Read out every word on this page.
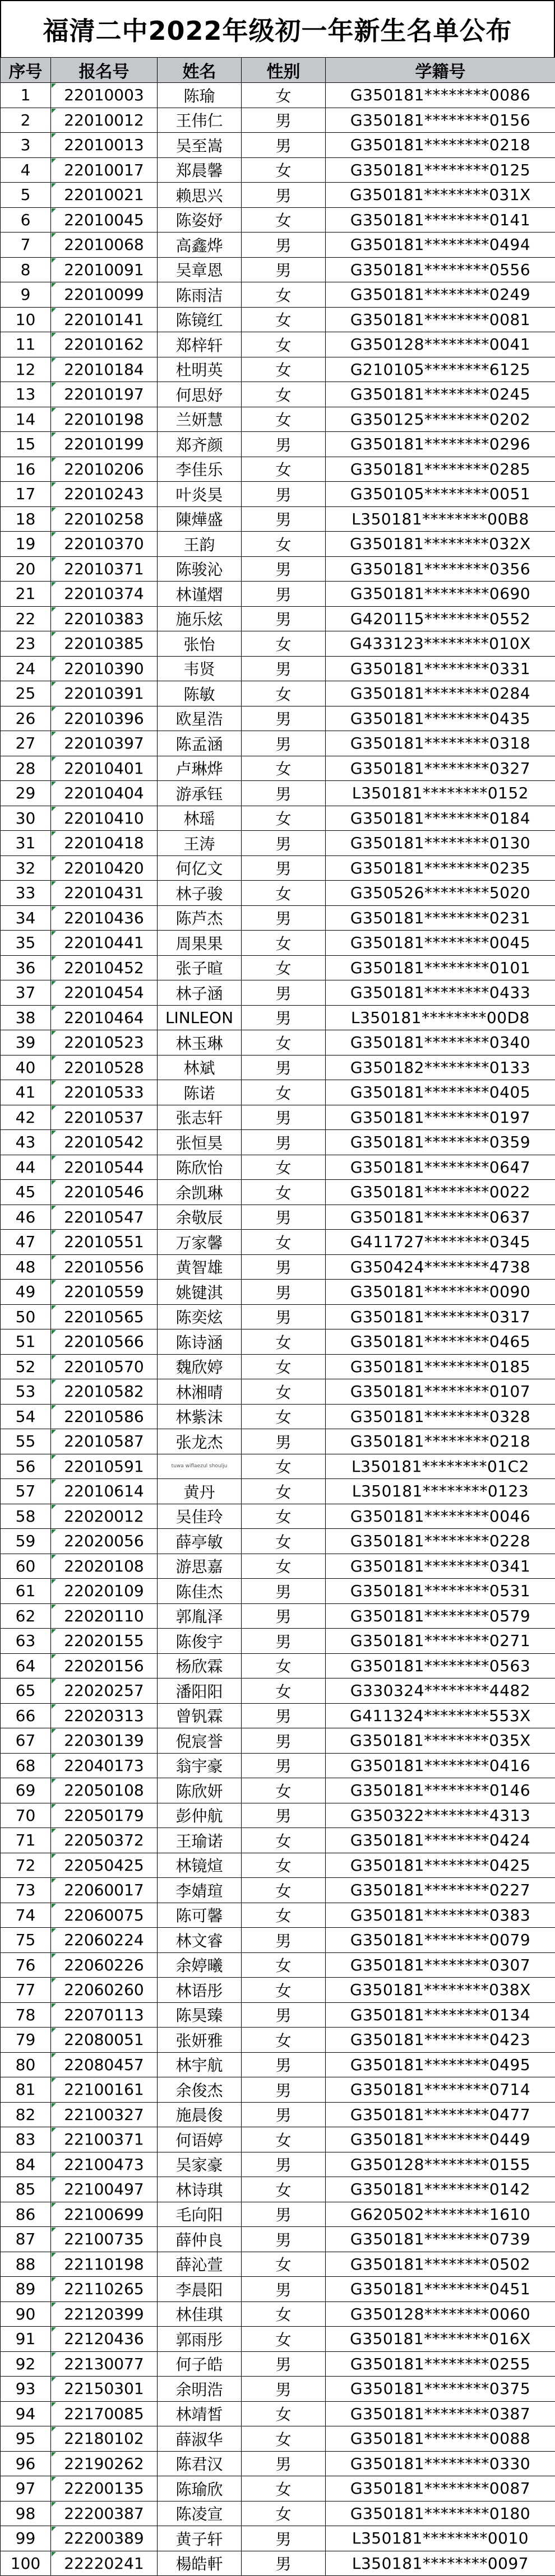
福清二中2022年级初一年新生名单公布
序号	报名号	姓名	性别	学籍号
1	22010003	陈瑜	女	G350181********0086
2	22010012	王伟仁	男	G350181********0156
3	22010013	吴至嵩	男	G350181********0218
4	22010017	郑晨馨	女	G350181********0125
5	22010021	赖思兴	男	G350181********031X
6	22010045	陈姿妤	女	G350181********0141
7	22010068	高鑫烨	男	G350181********0494
8	22010091	吴章恩	男	G350181********0556
9	22010099	陈雨洁	女	G350181********0249
10	22010141	陈镜红	女	G350181********0081
11	22010162	郑梓轩	女	G350128********0041
12	22010184	杜明英	女	G210105********6125
13	22010197	何思妤	女	G350181********0245
14	22010198	兰妍慧	女	G350125********0202
15	22010199	郑齐颜	男	G350181********0296
16	22010206	李佳乐	女	G350181********0285
17	22010243	叶炎昊	男	G350105********0051
18	22010258	陳燁盛	男	L350181********00B8
19	22010370	王韵	女	G350181********032X
20	22010371	陈骏沁	男	G350181********0356
21	22010374	林谨熠	男	G350181********0690
22	22010383	施乐炫	男	G420115********0552
23	22010385	张怡	女	G433123********010X
24	22010390	韦贤	男	G350181********0331
25	22010391	陈敏	女	G350181********0284
26	22010396	欧星浩	男	G350181********0435
27	22010397	陈孟涵	男	G350181********0318
28	22010401	卢琳烨	女	G350181********0327
29	22010404	游承钰	男	L350181********0152
30	22010410	林瑶	女	G350181********0184
31	22010418	王涛	男	G350181********0130
32	22010420	何亿文	男	G350181********0235
33	22010431	林子骏	女	G350526********5020
34	22010436	陈芦杰	男	G350181********0231
35	22010441	周果果	女	G350181********0045
36	22010452	张子暄	女	G350181********0101
37	22010454	林子涵	男	G350181********0433
38	22010464	LINLEON	男	L350181********00D8
39	22010523	林玉琳	女	G350181********0340
40	22010528	林斌	男	G350182********0133
41	22010533	陈诺	女	G350181********0405
42	22010537	张志轩	男	G350181********0197
43	22010542	张恒昊	男	G350181********0359
44	22010544	陈欣怡	女	G350181********0647
45	22010546	余凯琳	女	G350181********0022
46	22010547	余敬辰	男	G350181********0637
47	22010551	万家馨	女	G411727********0345
48	22010556	黄智雄	男	G350424********4738
49	22010559	姚键淇	男	G350181********0090
50	22010565	陈奕炫	男	G350181********0317
51	22010566	陈诗涵	女	G350181********0465
52	22010570	魏欣婷	女	G350181********0185
53	22010582	林湘晴	女	G350181********0107
54	22010586	林紫沫	女	G350181********0328
55	22010587	张龙杰	男	G350181********0218
56	22010591	tuwa wiflaezul shoulju	女	L350181********01C2
57	22010614	黄丹	女	L350181********0123
58	22020012	吴佳玲	女	G350181********0046
59	22020056	薛亭敏	女	G350181********0228
60	22020108	游思嘉	女	G350181********0341
61	22020109	陈佳杰	男	G350181********0531
62	22020110	郭胤泽	男	G350181********0579
63	22020155	陈俊宇	男	G350181********0271
64	22020156	杨欣霖	女	G350181********0563
65	22020257	潘阳阳	女	G330324********4482
66	22020313	曾钒霖	男	G411324********553X
67	22030139	倪宸誉	男	G350181********035X
68	22040173	翁宇豪	男	G350181********0416
69	22050108	陈欣妍	女	G350181********0146
70	22050179	彭仲航	男	G350322********4313
71	22050372	王瑜诺	女	G350181********0424
72	22050425	林镜煊	女	G350181********0425
73	22060017	李婧瑄	女	G350181********0227
74	22060075	陈可馨	女	G350181********0383
75	22060224	林文睿	男	G350181********0079
76	22060226	余婷曦	女	G350181********0307
77	22060260	林语彤	女	G350181********038X
78	22070113	陈昊臻	男	G350181********0134
79	22080051	张妍雅	女	G350181********0423
80	22080457	林宇航	男	G350181********0495
81	22100161	余俊杰	男	G350181********0714
82	22100327	施晨俊	男	G350181********0477
83	22100371	何语婷	女	G350181********0449
84	22100473	吴家豪	男	G350128********0155
85	22100497	林诗琪	女	G350181********0142
86	22100699	毛向阳	男	G620502********1610
87	22100735	薛仲良	男	G350181********0739
88	22110198	薛沁萱	女	G350181********0502
89	22110265	李晨阳	男	G350181********0451
90	22120399	林佳琪	女	G350128********0060
91	22120436	郭雨彤	女	G350181********016X
92	22130077	何子皓	男	G350181********0255
93	22150301	余明浩	男	G350181********0375
94	22170085	林靖皙	女	G350181********0387
95	22180102	薛淑华	女	G350181********0088
96	22190262	陈君汉	男	G350181********0330
97	22200135	陈瑜欣	女	G350181********0087
98	22200387	陈凌宣	女	G350181********0180
99	22200389	黄子轩	男	L350181********0010
100	22220241	楊皓軒	男	L350181********0097
